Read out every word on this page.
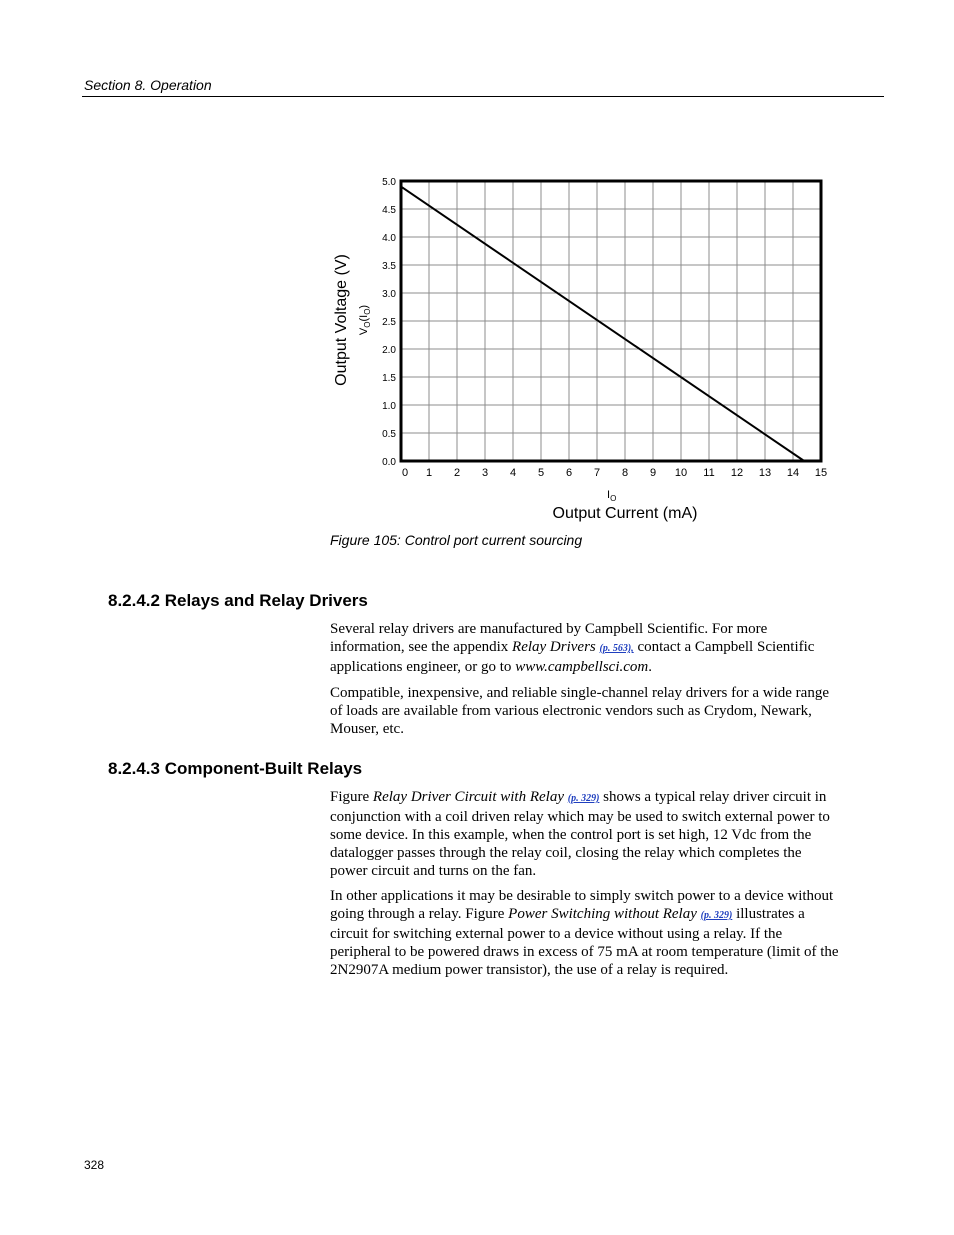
Section 8. Operation
0.0
0.5
1.0
1.5
2.0
2.5
3.0
3.5
4.0
4.5
5.0
0 1 2 3 4 5 6 7 8 9 10 11 12 13 14 15
Output Voltage (V) $V_O(I_O)$
$I_O$
Output Current (mA)
Figure 105: Control port current sourcing
8.2.4.2 Relays and Relay Drivers

Several relay drivers are manufactured by Campbell Scientific. For more information, see the appendix Relay Drivers (p. 563), contact a Campbell Scientific applications engineer, or go to www.campbellsci.com.

Compatible, inexpensive, and reliable single-channel relay drivers for a wide range of loads are available from various electronic vendors such as Crydom, Newark, Mouser, etc.

8.2.4.3 Component-Built Relays

Figure Relay Driver Circuit with Relay (p. 329) shows a typical relay driver circuit in conjunction with a coil driven relay which may be used to switch external power to some device. In this example, when the control port is set high, 12 Vdc from the datalogger passes through the relay coil, closing the relay which completes the power circuit and turns on the fan.

In other applications it may be desirable to simply switch power to a device without going through a relay. Figure Power Switching without Relay (p. 329) illustrates a circuit for switching external power to a device without using a relay. If the peripheral to be powered draws in excess of 75 mA at room temperature (limit of the 2N2907A medium power transistor), the use of a relay is required.

328
